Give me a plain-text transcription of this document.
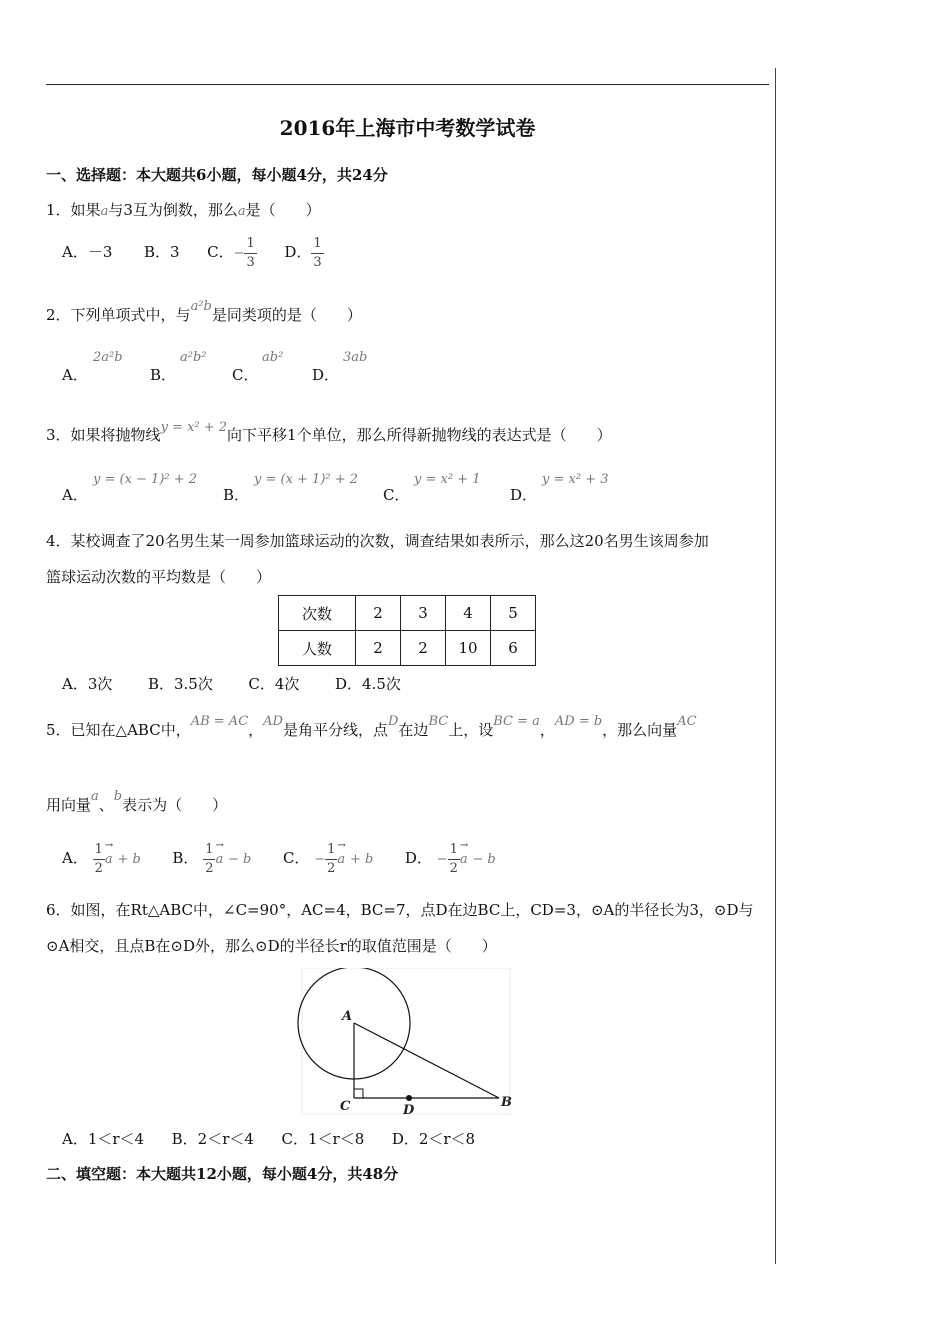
2016年上海市中考数学试卷
一、选择题：本大题共6小题，每小题4分，共24分
1．如果a与3互为倒数，那么a是（　　）
A．－3 B．3 C．− $\frac{1}{3}$ D． $\frac{1}{3}$
2．下列单项式中，与a²b是同类项的是（　　）
A．
2a²b
B．
a²b²
C．
ab²
D．
3ab
3．如果将抛物线y = x² + 2向下平移1个单位，那么所得新抛物线的表达式是（　　）
A．
y = (x − 1)² + 2
B．
y = (x + 1)² + 2
C．
y = x² + 1
D．
y = x² + 3
4．某校调查了20名男生某一周参加篮球运动的次数，调查结果如表所示，那么这20名男生该周参加
篮球运动次数的平均数是（　　）
次数	2	3	4	5
人数	2	2	10	6
A．3次 B．3.5次 C．4次 D．4.5次
5．已知在△ABC中，AB = AC，AD是角平分线，点D在边BC上，设BC = a，AD = b，那么向量AC
用向量a、b表示为（　　）
A． $\frac{1}{2} \to a + b$ B． $\frac{1}{2} \to a - b$ C． − $\frac{1}{2} \to a + b$ D． − $\frac{1}{2} \to a - b$
6．如图，在Rt△ABC中，∠C=90°，AC=4，BC=7，点D在边BC上，CD=3，⊙A的半径长为3，⊙D与
⊙A相交，且点B在⊙D外，那么⊙D的半径长r的取值范围是（　　）
A
C	D
B
A．1＜r＜4 B．2＜r＜4 C．1＜r＜8 D．2＜r＜8
二、填空题：本大题共12小题，每小题4分，共48分
